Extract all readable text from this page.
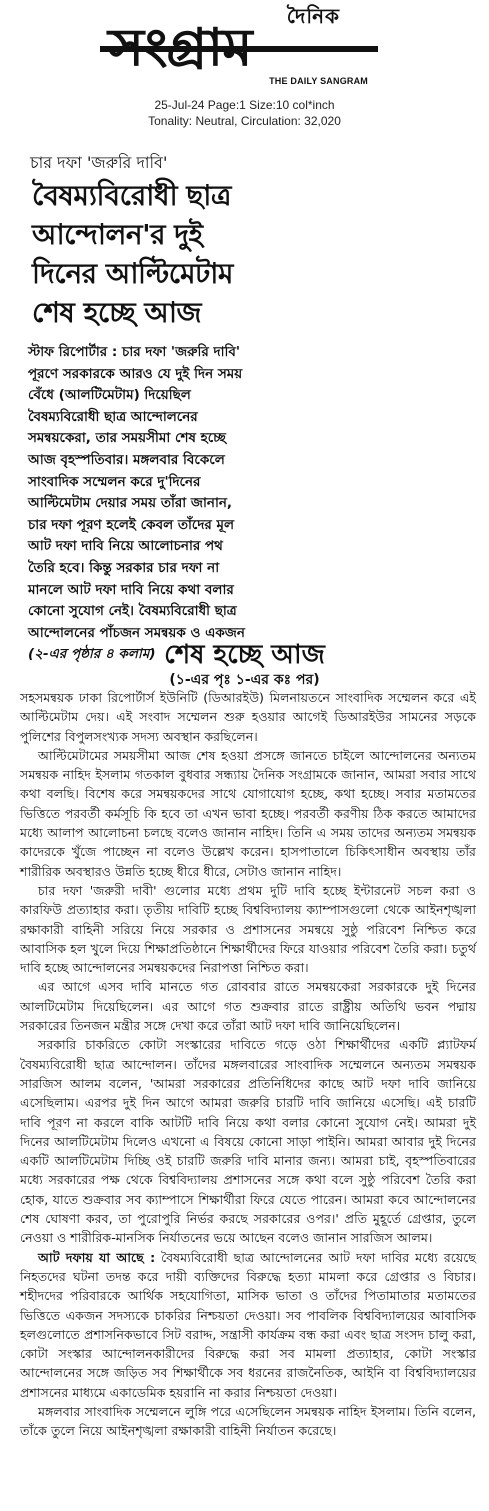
দৈনিক
সংগ্রাম
THE DAILY SANGRAM
25-Jul-24 Page:1 Size:10 col*inch
Tonality: Neutral, Circulation: 32,020
চার দফা 'জরুরি দাবি'
বৈষম্যবিরোধী ছাত্র
আন্দোলন'র দুই
দিনের আল্টিমেটাম
শেষ হচ্ছে আজ
স্টাফ রিপোর্টার : চার দফা 'জরুরি দাবি' পূরণে সরকারকে আরও যে দুই দিন সময় বেঁধে (আলটিমেটাম) দিয়েছিল বৈষম্যবিরোধী ছাত্র আন্দোলনের সমন্বয়কেরা, তার সময়সীমা শেষ হচ্ছে আজ বৃহস্পতিবার। মঙ্গলবার বিকেলে সাংবাদিক সম্মেলন করে দু'দিনের আল্টিমেটাম দেয়ার সময় তাঁরা জানান, চার দফা পূরণ হলেই কেবল তাঁদের মূল আট দফা দাবি নিয়ে আলোচনার পথ তৈরি হবে। কিন্তু সরকার চার দফা না মানলে আট দফা দাবি নিয়ে কথা বলার কোনো সুযোগ নেই। বৈষম্যবিরোধী ছাত্র আন্দোলনের পাঁচজন সমন্বয়ক ও একজন (২-এর পৃষ্ঠার ৪ কলাম) শেষ হচ্ছে আজ
(১-এর পৃঃ ১-এর কঃ পর)

সহসমন্বয়ক ঢাকা রিপোর্টার্স ইউনিটি (ডিআরইউ) মিলনায়তনে সাংবাদিক সম্মেলন করে এই আল্টিমেটাম দেয়। এই সংবাদ সম্মেলন শুরু হওয়ার আগেই ডিআরইউর সামনের সড়কে পুলিশের বিপুলসংখ্যক সদস্য অবস্থান করছিলেন।

আল্টিমেটামের সময়সীমা আজ শেষ হওয়া প্রসঙ্গে জানতে চাইলে আন্দোলনের অন্যতম সমন্বয়ক নাহিদ ইসলাম গতকাল বুধবার সন্ধ্যায় দৈনিক সংগ্রামকে জানান, আমরা সবার সাথে কথা বলছি। বিশেষ করে সমন্বয়কদের সাথে যোগাযোগ হচ্ছে, কথা হচ্ছে। সবার মতামতের ভিত্তিতে পরবর্তী কর্মসূচি কি হবে তা এখন ভাবা হচ্ছে। পরবর্তী করণীয় ঠিক করতে আমাদের মধ্যে আলাপ আলোচনা চলছে বলেও জানান নাহিদ। তিনি এ সময় তাদের অন্যতম সমন্বয়ক কাদেরকে খুঁজে পাচ্ছেন না বলেও উল্লেখ করেন। হাসপাতালে চিকিৎসাধীন অবস্থায় তাঁর শারীরিক অবস্থারও উন্নতি হচ্ছে ধীরে ধীরে, সেটাও জানান নাহিদ।

চার দফা 'জরুরী দাবী' গুলোর মধ্যে প্রথম দুটি দাবি হচ্ছে ইন্টারনেট সচল করা ও কারফিউ প্রত্যাহার করা। তৃতীয় দাবিটি হচ্ছে বিশ্ববিদ্যালয় ক্যাম্পাসগুলো থেকে আইনশৃঙ্খলা রক্ষাকারী বাহিনী সরিয়ে নিয়ে সরকার ও প্রশাসনের সমন্বয়ে সুষ্ঠু পরিবেশ নিশ্চিত করে আবাসিক হল খুলে দিয়ে শিক্ষাপ্রতিষ্ঠানে শিক্ষার্থীদের ফিরে যাওয়ার পরিবেশ তৈরি করা। চতুর্থ দাবি হচ্ছে আন্দোলনের সমন্বয়কদের নিরাপত্তা নিশ্চিত করা।

এর আগে এসব দাবি মানতে গত রোববার রাতে সমন্বয়কেরা সরকারকে দুই দিনের আলটিমেটাম দিয়েছিলেন। এর আগে গত শুক্রবার রাতে রাষ্ট্রীয় অতিথি ভবন পদ্মায় সরকারের তিনজন মন্ত্রীর সঙ্গে দেখা করে তাঁরা আট দফা দাবি জানিয়েছিলেন।

সরকারি চাকরিতে কোটা সংস্কারের দাবিতে গড়ে ওঠা শিক্ষার্থীদের একটি প্ল্যাটফর্ম বৈষম্যবিরোধী ছাত্র আন্দোলন। তাঁদের মঙ্গলবারের সাংবাদিক সম্মেলনে অন্যতম সমন্বয়ক সারজিস আলম বলেন, 'আমরা সরকারের প্রতিনিধিদের কাছে আট দফা দাবি জানিয়ে এসেছিলাম। এরপর দুই দিন আগে আমরা জরুরি চারটি দাবি জানিয়ে এসেছি। এই চারটি দাবি পূরণ না করলে বাকি আটটি দাবি নিয়ে কথা বলার কোনো সুযোগ নেই। আমরা দুই দিনের আলটিমেটাম দিলেও এখনো এ বিষয়ে কোনো সাড়া পাইনি। আমরা আবার দুই দিনের একটি আলটিমেটাম দিচ্ছি ওই চারটি জরুরি দাবি মানার জন্য। আমরা চাই, বৃহস্পতিবারের মধ্যে সরকারের পক্ষ থেকে বিশ্ববিদ্যালয় প্রশাসনের সঙ্গে কথা বলে সুষ্ঠু পরিবেশ তৈরি করা হোক, যাতে শুক্রবার সব ক্যাম্পাসে শিক্ষার্থীরা ফিরে যেতে পারেন। আমরা কবে আন্দোলনের শেষ ঘোষণা করব, তা পুরোপুরি নির্ভর করছে সরকারের ওপর।' প্রতি মুহূর্তে গ্রেপ্তার, তুলে নেওয়া ও শারীরিক-মানসিক নির্যাতনের ভয়ে আছেন বলেও জানান সারজিস আলম।

আট দফায় যা আছে : বৈষম্যবিরোধী ছাত্র আন্দোলনের আট দফা দাবির মধ্যে রয়েছে নিহতদের ঘটনা তদন্ত করে দায়ী ব্যক্তিদের বিরুদ্ধে হত্যা মামলা করে গ্রেপ্তার ও বিচার। শহীদদের পরিবারকে আর্থিক সহযোগিতা, মাসিক ভাতা ও তাঁদের পিতামাতার মতামতের ভিত্তিতে একজন সদস্যকে চাকরির নিশ্চয়তা দেওয়া। সব পাবলিক বিশ্ববিদ্যালয়ের আবাসিক হলগুলোতে প্রশাসনিকভাবে সিট বরাদ্দ, সন্ত্রাসী কার্যক্রম বন্ধ করা এবং ছাত্র সংসদ চালু করা, কোটা সংস্কার আন্দোলনকারীদের বিরুদ্ধে করা সব মামলা প্রত্যাহার, কোটা সংস্কার আন্দোলনের সঙ্গে জড়িত সব শিক্ষার্থীকে সব ধরনের রাজনৈতিক, আইনি বা বিশ্ববিদ্যালয়ের প্রশাসনের মাধ্যমে একাডেমিক হয়রানি না করার নিশ্চয়তা দেওয়া।

মঙ্গলবার সাংবাদিক সম্মেলনে লুঙ্গি পরে এসেছিলেন সমন্বয়ক নাহিদ ইসলাম। তিনি বলেন, তাঁকে তুলে নিয়ে আইনশৃঙ্খলা রক্ষাকারী বাহিনী নির্যাতন করেছে।
